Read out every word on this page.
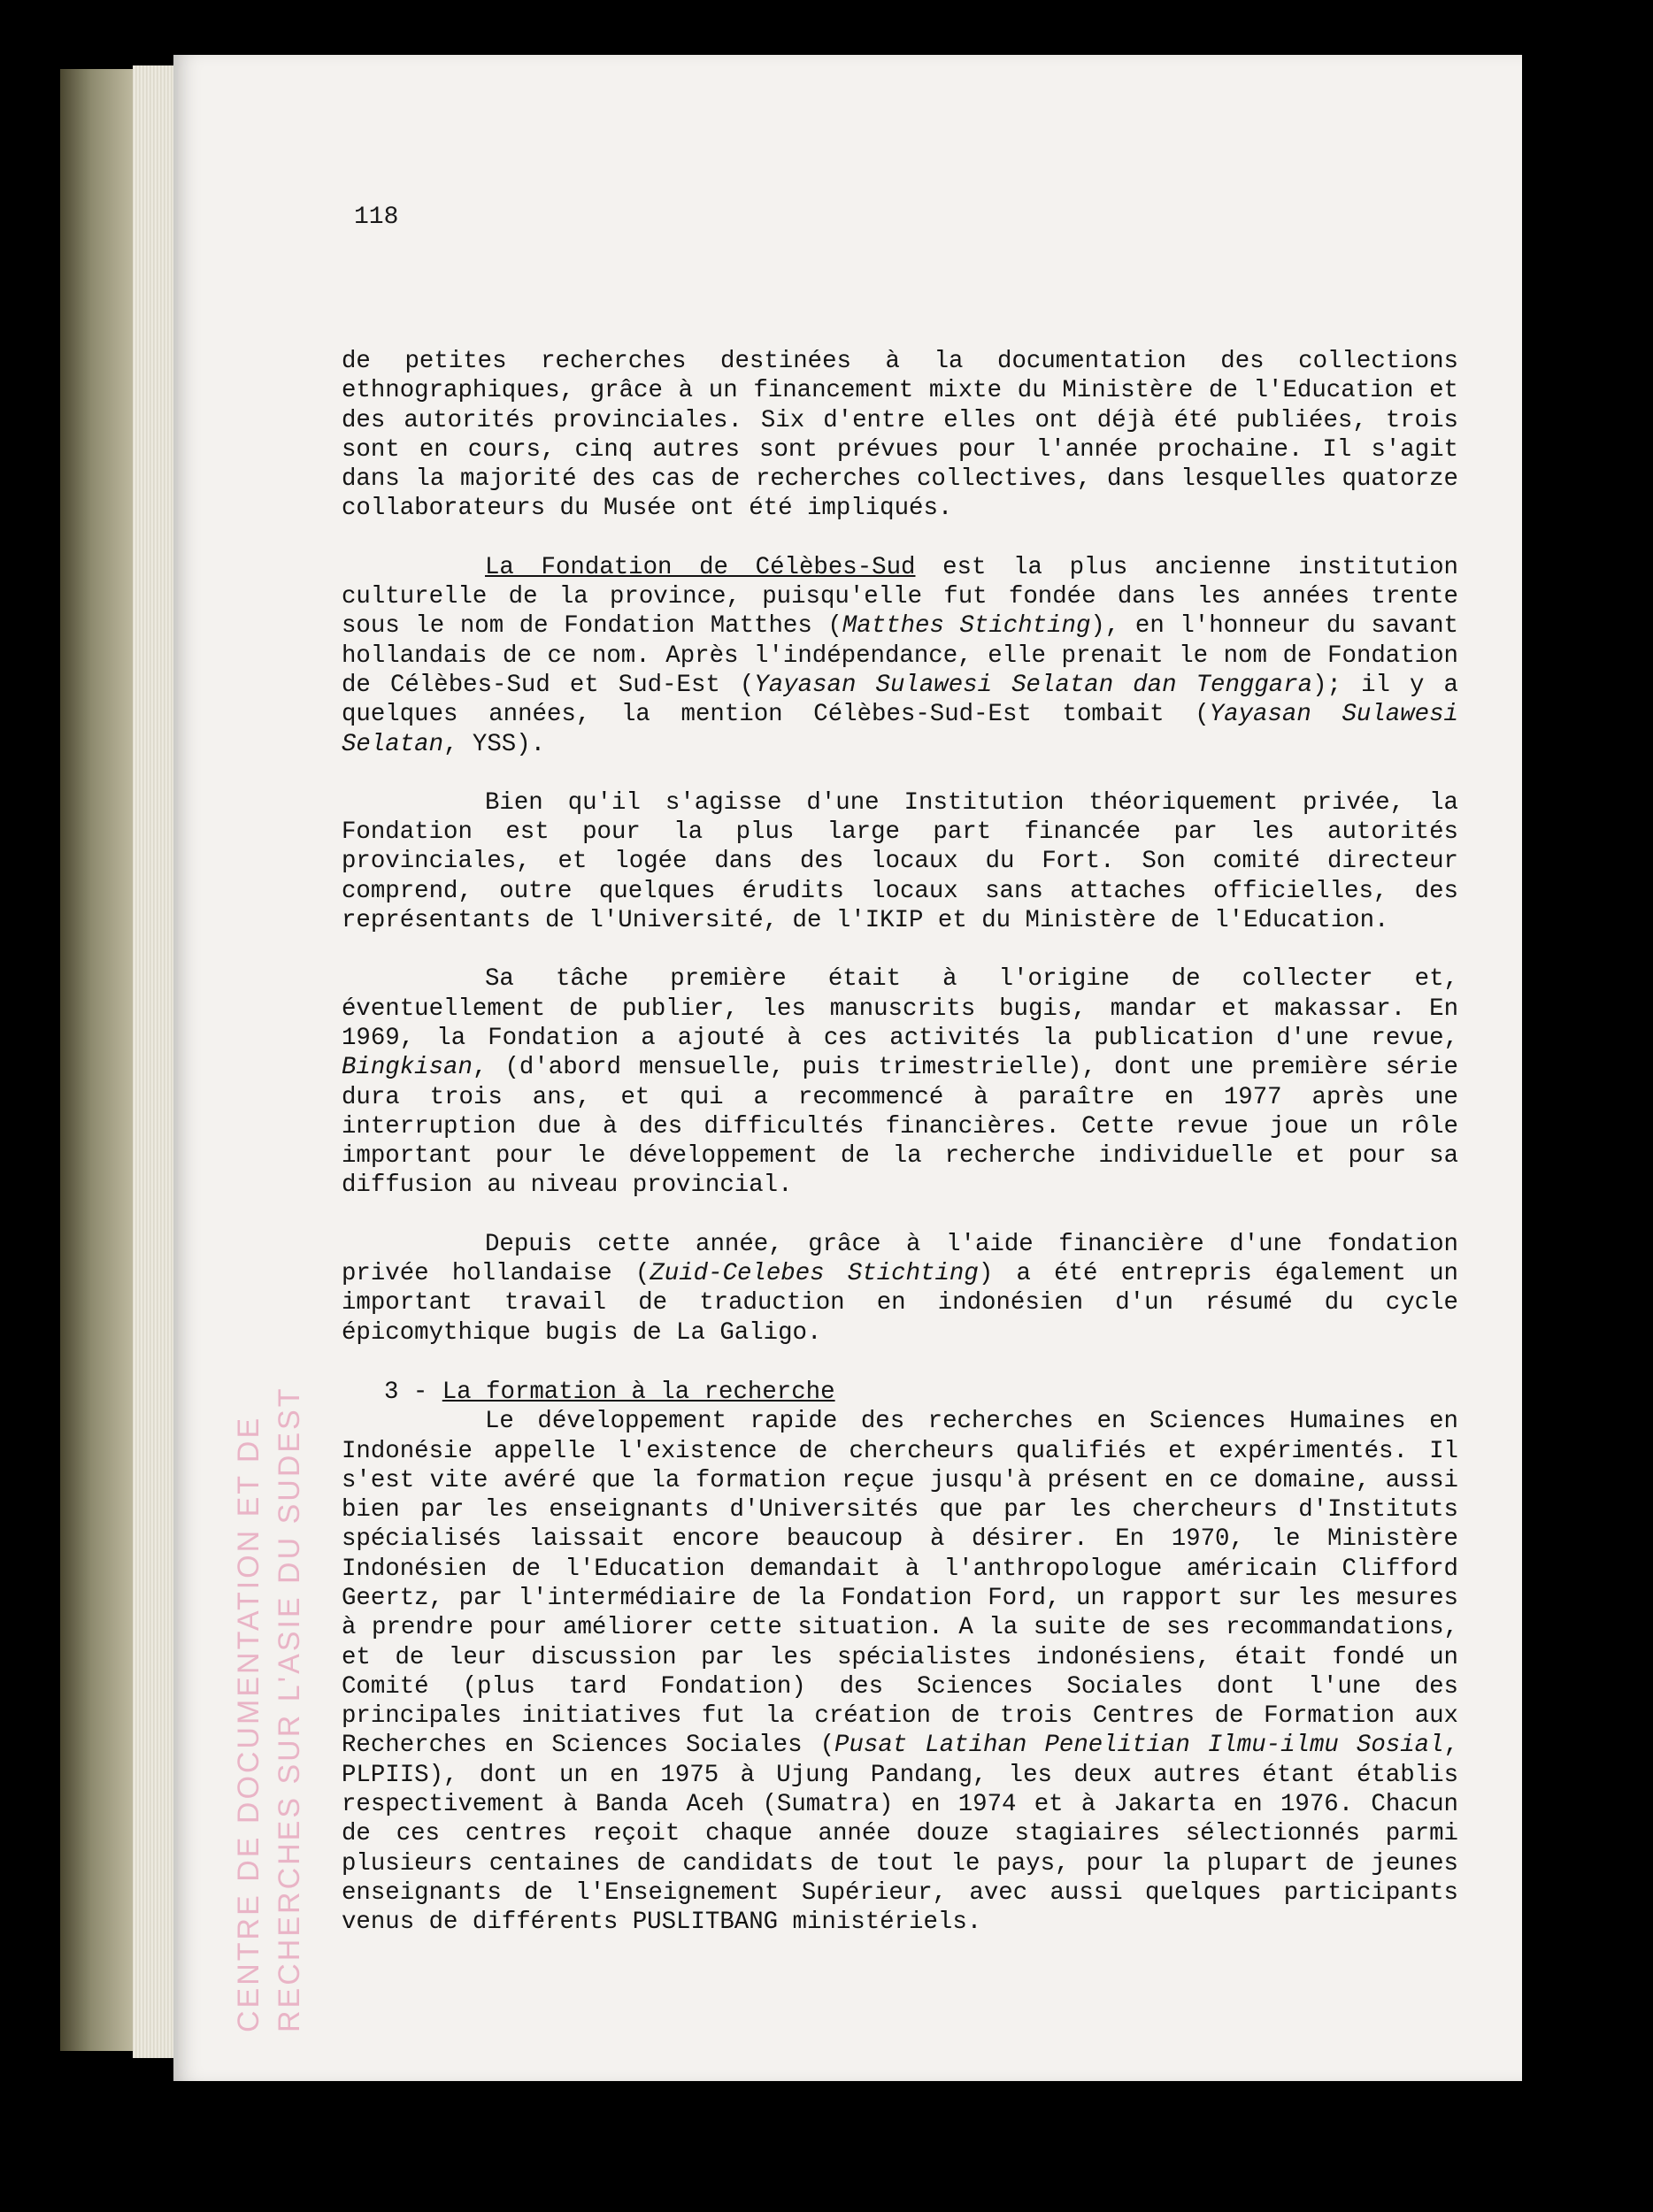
CENTRE DE DOCUMENTATION ET DE RECHERCHES SUR L'ASIE DU SUDEST
118

de petites recherches destinées à la documentation des collections ethnographiques, grâce à un financement mixte du Ministère de l'Education et des autorités provinciales. Six d'entre elles ont déjà été publiées, trois sont en cours, cinq autres sont prévues pour l'année prochaine. Il s'agit dans la majorité des cas de recherches collectives, dans lesquelles quatorze collaborateurs du Musée ont été impliqués.

La Fondation de Célèbes-Sud est la plus ancienne institution culturelle de la province, puisqu'elle fut fondée dans les années trente sous le nom de Fondation Matthes (Matthes Stichting), en l'honneur du savant hollandais de ce nom. Après l'indépendance, elle prenait le nom de Fondation de Célèbes-Sud et Sud-Est (Yayasan Sulawesi Selatan dan Tenggara); il y a quelques années, la mention Célèbes-Sud-Est tombait (Yayasan Sulawesi Selatan, YSS).

Bien qu'il s'agisse d'une Institution théoriquement privée, la Fondation est pour la plus large part financée par les autorités provinciales, et logée dans des locaux du Fort. Son comité directeur comprend, outre quelques érudits locaux sans attaches officielles, des représentants de l'Université, de l'IKIP et du Ministère de l'Education.

Sa tâche première était à l'origine de collecter et, éventuellement de publier, les manuscrits bugis, mandar et makassar. En 1969, la Fondation a ajouté à ces activités la publication d'une revue, Bingkisan, (d'abord mensuelle, puis trimestrielle), dont une première série dura trois ans, et qui a recommencé à paraître en 1977 après une interruption due à des difficultés financières. Cette revue joue un rôle important pour le développement de la recherche individuelle et pour sa diffusion au niveau provincial.

Depuis cette année, grâce à l'aide financière d'une fondation privée hollandaise (Zuid-Celebes Stichting) a été entrepris également un important travail de traduction en indonésien d'un résumé du cycle épicomythique bugis de La Galigo.

3 - La formation à la recherche

Le développement rapide des recherches en Sciences Humaines en Indonésie appelle l'existence de chercheurs qualifiés et expérimentés. Il s'est vite avéré que la formation reçue jusqu'à présent en ce domaine, aussi bien par les enseignants d'Universités que par les chercheurs d'Instituts spécialisés laissait encore beaucoup à désirer. En 1970, le Ministère Indonésien de l'Education demandait à l'anthropologue américain Clifford Geertz, par l'intermédiaire de la Fondation Ford, un rapport sur les mesures à prendre pour améliorer cette situation. A la suite de ses recommandations, et de leur discussion par les spécialistes indonésiens, était fondé un Comité (plus tard Fondation) des Sciences Sociales dont l'une des principales initiatives fut la création de trois Centres de Formation aux Recherches en Sciences Sociales (Pusat Latihan Penelitian Ilmu-ilmu Sosial, PLPIIS), dont un en 1975 à Ujung Pandang, les deux autres étant établis respectivement à Banda Aceh (Sumatra) en 1974 et à Jakarta en 1976. Chacun de ces centres reçoit chaque année douze stagiaires sélectionnés parmi plusieurs centaines de candidats de tout le pays, pour la plupart de jeunes enseignants de l'Enseignement Supérieur, avec aussi quelques participants venus de différents PUSLITBANG ministériels.
